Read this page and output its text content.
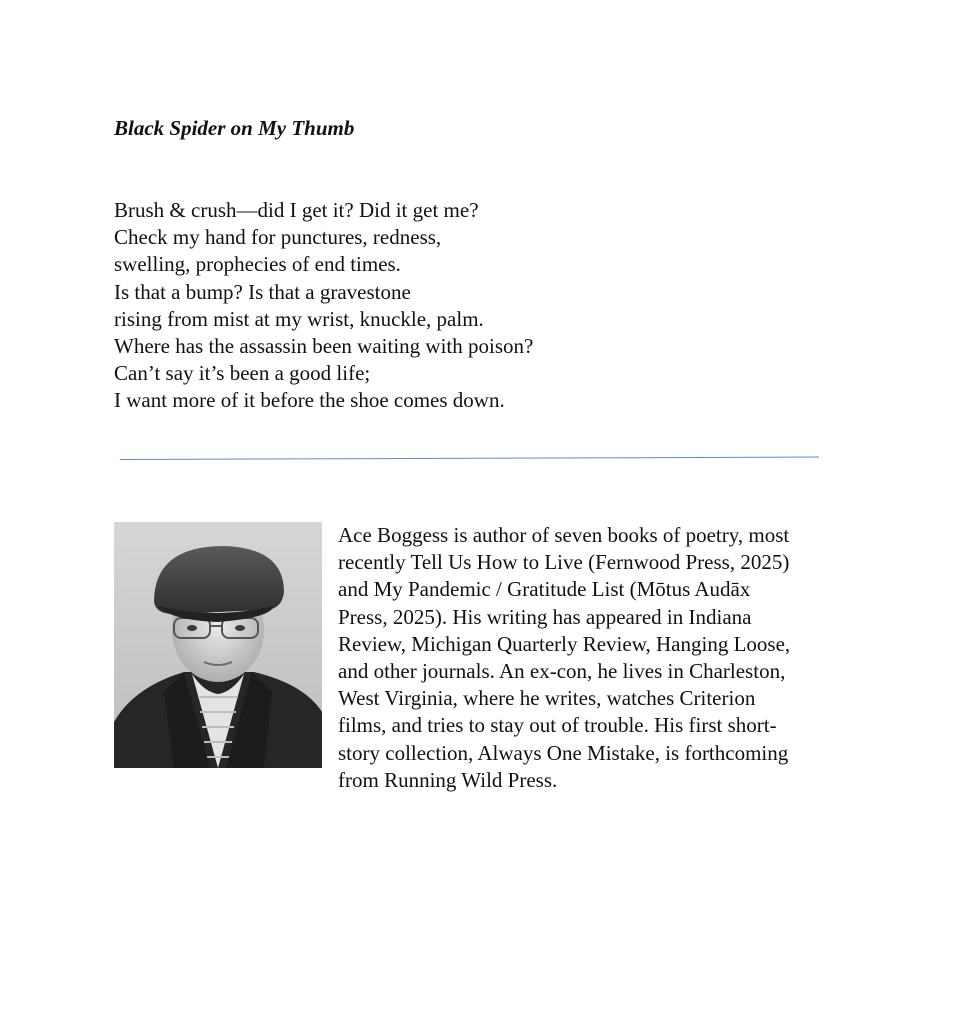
Black Spider on My Thumb
Brush & crush—did I get it? Did it get me?
Check my hand for punctures, redness,
swelling, prophecies of end times.
Is that a bump? Is that a gravestone
rising from mist at my wrist, knuckle, palm.
Where has the assassin been waiting with poison?
Can’t say it’s been a good life;
I want more of it before the shoe comes down.
Ace Boggess is author of seven books of poetry, most
recently Tell Us How to Live (Fernwood Press, 2025)
and My Pandemic / Gratitude List (Mōtus Audāx
Press, 2025). His writing has appeared in Indiana
Review, Michigan Quarterly Review, Hanging Loose,
and other journals. An ex-con, he lives in Charleston,
West Virginia, where he writes, watches Criterion
films, and tries to stay out of trouble. His first short-
story collection, Always One Mistake, is forthcoming
from Running Wild Press.
